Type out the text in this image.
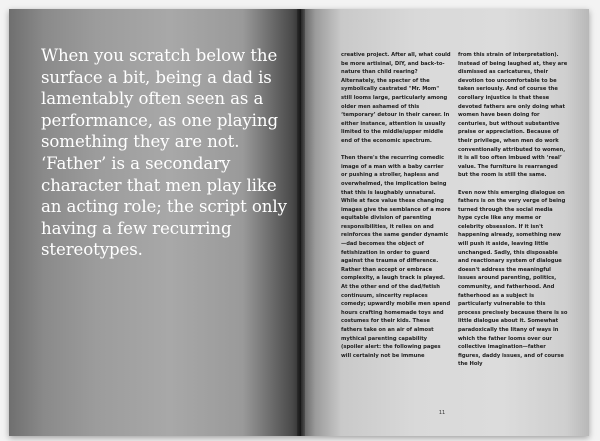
When you scratch below the surface a bit, being a dad is lamentably often seen as a performance, as one playing something they are not. ‘Father’ is a secondary character that men play like an acting role; the script only having a few recurring stereotypes.

creative project. After all, what could be more artisinal, DIY, and back-to-nature than child rearing? Alternately, the specter of the symbolically castrated "Mr. Mom" still looms large, particularly among older men ashamed of this ‘temporary’ detour in their career. In either instance, attention is usually limited to the middle/upper middle end of the economic spectrum.

Then there's the recurring comedic image of a man with a baby carrier or pushing a stroller, hapless and overwhelmed, the implication being that this is laughably unnatural. While at face value these changing images give the semblance of a more equitable division of parenting responsibilities, it relies on and reinforces the same gender dynamic—dad becomes the object of fetishization in order to guard against the trauma of difference. Rather than accept or embrace complexity, a laugh track is played. At the other end of the dad/fetish continuum, sincerity replaces comedy; upwardly mobile men spend hours crafting homemade toys and costumes for their kids. These fathers take on an air of almost mythical parenting capability (spoiler alert: the following pages will certainly not be immune

from this strain of interpretation). Instead of being laughed at, they are dismissed as caricatures, their devotion too uncomfortable to be taken seriously. And of course the corollary injustice is that these devoted fathers are only doing what women have been doing for centuries, but without substantive praise or appreciation. Because of their privilege, when men do work conventionally attributed to women, it is all too often imbued with ‘real’ value. The furniture is rearranged but the room is still the same.

Even now this emerging dialogue on fathers is on the very verge of being turned through the social media hype cycle like any meme or celebrity obsession. If it isn't happening already, something new will push it aside, leaving little unchanged. Sadly, this disposable and reactionary system of dialogue doesn't address the meaningful issues around parenting, politics, community, and fatherhood. And fatherhood as a subject is particularly vulnerable to this process precisely because there is so little dialogue about it. Somewhat paradoxically the litany of ways in which the father looms over our collective imagination—father figures, daddy issues, and of course the Holy

11
